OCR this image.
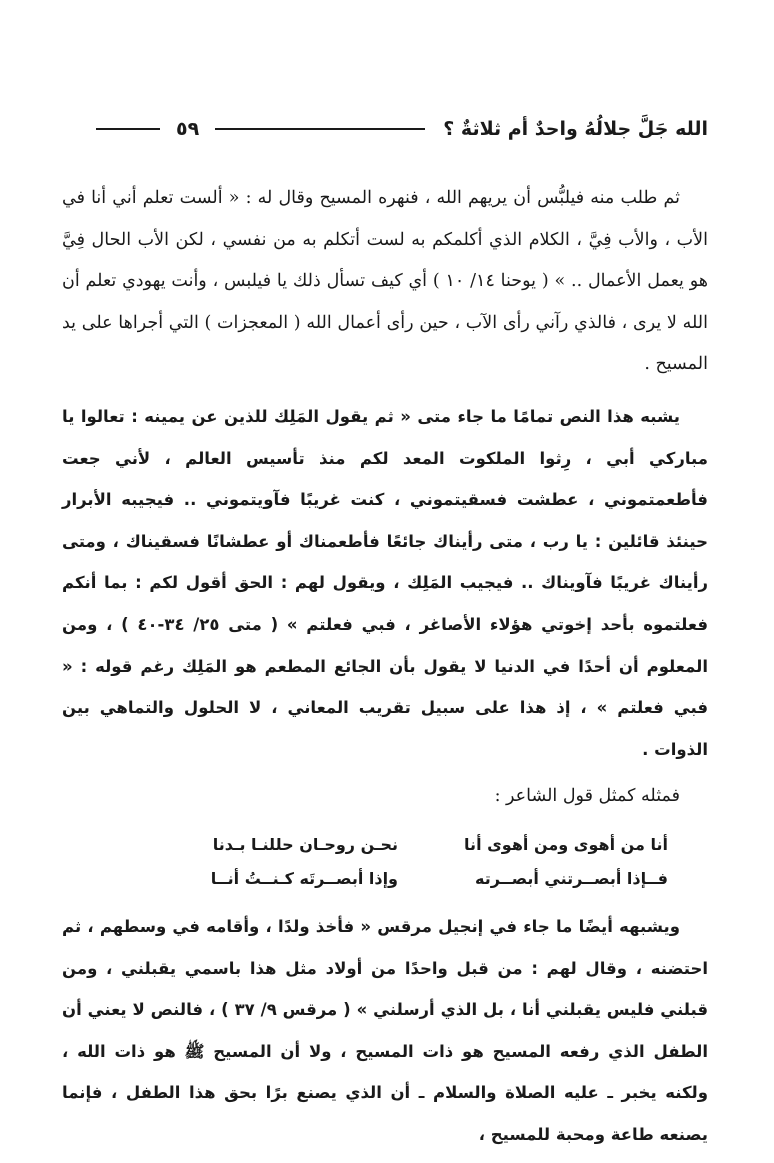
الله جَلَّ جلالُهُ واحدٌ أم ثلاثةٌ ؟
٥٩

ثم طلب منه فيلبُّس أن يريهم الله ، فنهره المسيح وقال له : « ألست تعلم أني أنا في الأب ، والأب فِيَّ ، الكلام الذي أكلمكم به لست أتكلم به من نفسي ، لكن الأب الحال فِيَّ هو يعمل الأعمال .. » ( يوحنا ١٤/ ١٠ ) أي كيف تسأل ذلك يا فيلبس ، وأنت يهودي تعلم أن الله لا يرى ، فالذي رآني رأى الآب ، حين رأى أعمال الله ( المعجزات ) التي أجراها على يد المسيح .

يشبه هذا النص تمامًا ما جاء متى « ثم يقول المَلِك للذين عن يمينه : تعالوا يا مباركي أبي ، رِثوا الملكوت المعد لكم منذ تأسيس العالم ، لأني جعت فأطعمتموني ، عطشت فسقيتموني ، كنت غريبًا فآويتموني .. فيجيبه الأبرار حينئذ قائلين : يا رب ، متى رأيناك جائعًا فأطعمناك أو عطشانًا فسقيناك ، ومتى رأيناك غريبًا فآويناك .. فيجيب المَلِك ، ويقول لهم : الحق أقول لكم : بما أنكم فعلتموه بأحد إخوتي هؤلاء الأصاغر ، فبي فعلتم » ( متى ٢٥/ ٣٤-٤٠ ) ، ومن المعلوم أن أحدًا في الدنيا لا يقول بأن الجائع المطعم هو المَلِك رغم قوله : « فبي فعلتم » ، إذ هذا على سبيل تقريب المعاني ، لا الحلول والتماهي بين الذوات .

فمثله كمثل قول الشاعر :

أنا من أهوى ومن أهوى أنا
نحـن روحـان حللنـا بـدنا
فــإذا أبصــرتني أبصــرته
وإذا أبصــرتَه كـنــتُ أنــا

ويشبهه أيضًا ما جاء في إنجيل مرقس « فأخذ ولدًا ، وأقامه في وسطهم ، ثم احتضنه ، وقال لهم : من قبل واحدًا من أولاد مثل هذا باسمي يقبلني ، ومن قبلني فليس يقبلني أنا ، بل الذي أرسلني » ( مرقس ٩/ ٣٧ ) ، فالنص لا يعني أن الطفل الذي رفعه المسيح هو ذات المسيح ، ولا أن المسيح ﷺ هو ذات الله ، ولكنه يخبر ـ عليه الصلاة والسلام ـ أن الذي يصنع برًا بحق هذا الطفل ، فإنما يصنعه طاعة ومحبة للمسيح ،
